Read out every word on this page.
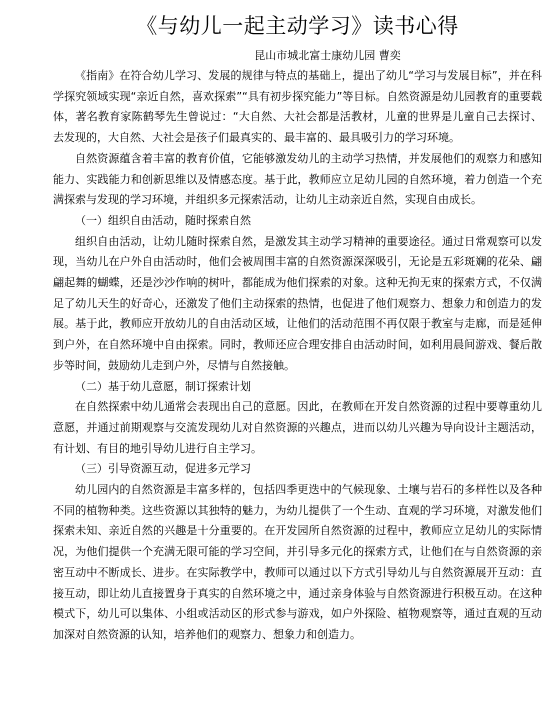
《与幼儿一起主动学习》读书心得

昆山市城北富士康幼儿园 曹奕

《指南》在符合幼儿学习、发展的规律与特点的基础上，提出了幼儿“学习与发展目标”，并在科学探究领域实现“亲近自然，喜欢探索”“具有初步探究能力”等目标。自然资源是幼儿园教育的重要载体，著名教育家陈鹤琴先生曾说过：“大自然、大社会都是活教材，儿童的世界是儿童自己去探讨、去发现的，大自然、大社会是孩子们最真实的、最丰富的、最具吸引力的学习环境。

自然资源蕴含着丰富的教育价值，它能够激发幼儿的主动学习热情，并发展他们的观察力和感知能力、实践能力和创新思维以及情感态度。基于此，教师应立足幼儿园的自然环境，着力创造一个充满探索与发现的学习环境，并组织多元探索活动，让幼儿主动亲近自然，实现自由成长。

（一）组织自由活动，随时探索自然

组织自由活动，让幼儿随时探索自然，是激发其主动学习精神的重要途径。通过日常观察可以发现，当幼儿在户外自由活动时，他们会被周围丰富的自然资源深深吸引，无论是五彩斑斓的花朵、翩翩起舞的蝴蝶，还是沙沙作响的树叶，都能成为他们探索的对象。这种无拘无束的探索方式，不仅满足了幼儿天生的好奇心，还激发了他们主动探索的热情，也促进了他们观察力、想象力和创造力的发展。基于此，教师应开放幼儿的自由活动区域，让他们的活动范围不再仅限于教室与走廊，而是延伸到户外，在自然环境中自由探索。同时，教师还应合理安排自由活动时间，如利用晨间游戏、餐后散步等时间，鼓励幼儿走到户外，尽情与自然接触。

（二）基于幼儿意愿，制订探索计划

在自然探索中幼儿通常会表现出自己的意愿。因此，在教师在开发自然资源的过程中要尊重幼儿意愿，并通过前期观察与交流发现幼儿对自然资源的兴趣点，进而以幼儿兴趣为导向设计主题活动，有计划、有目的地引导幼儿进行自主学习。

（三）引导资源互动，促进多元学习

幼儿园内的自然资源是丰富多样的，包括四季更迭中的气候现象、土壤与岩石的多样性以及各种不同的植物种类。这些资源以其独特的魅力，为幼儿提供了一个生动、直观的学习环境，对激发他们探索未知、亲近自然的兴趣是十分重要的。在开发园所自然资源的过程中，教师应立足幼儿的实际情况，为他们提供一个充满无限可能的学习空间，并引导多元化的探索方式，让他们在与自然资源的亲密互动中不断成长、进步。在实际教学中，教师可以通过以下方式引导幼儿与自然资源展开互动：直接互动，即让幼儿直接置身于真实的自然环境之中，通过亲身体验与自然资源进行积极互动。在这种模式下，幼儿可以集体、小组或活动区的形式参与游戏，如户外探险、植物观察等，通过直观的互动加深对自然资源的认知，培养他们的观察力、想象力和创造力。
